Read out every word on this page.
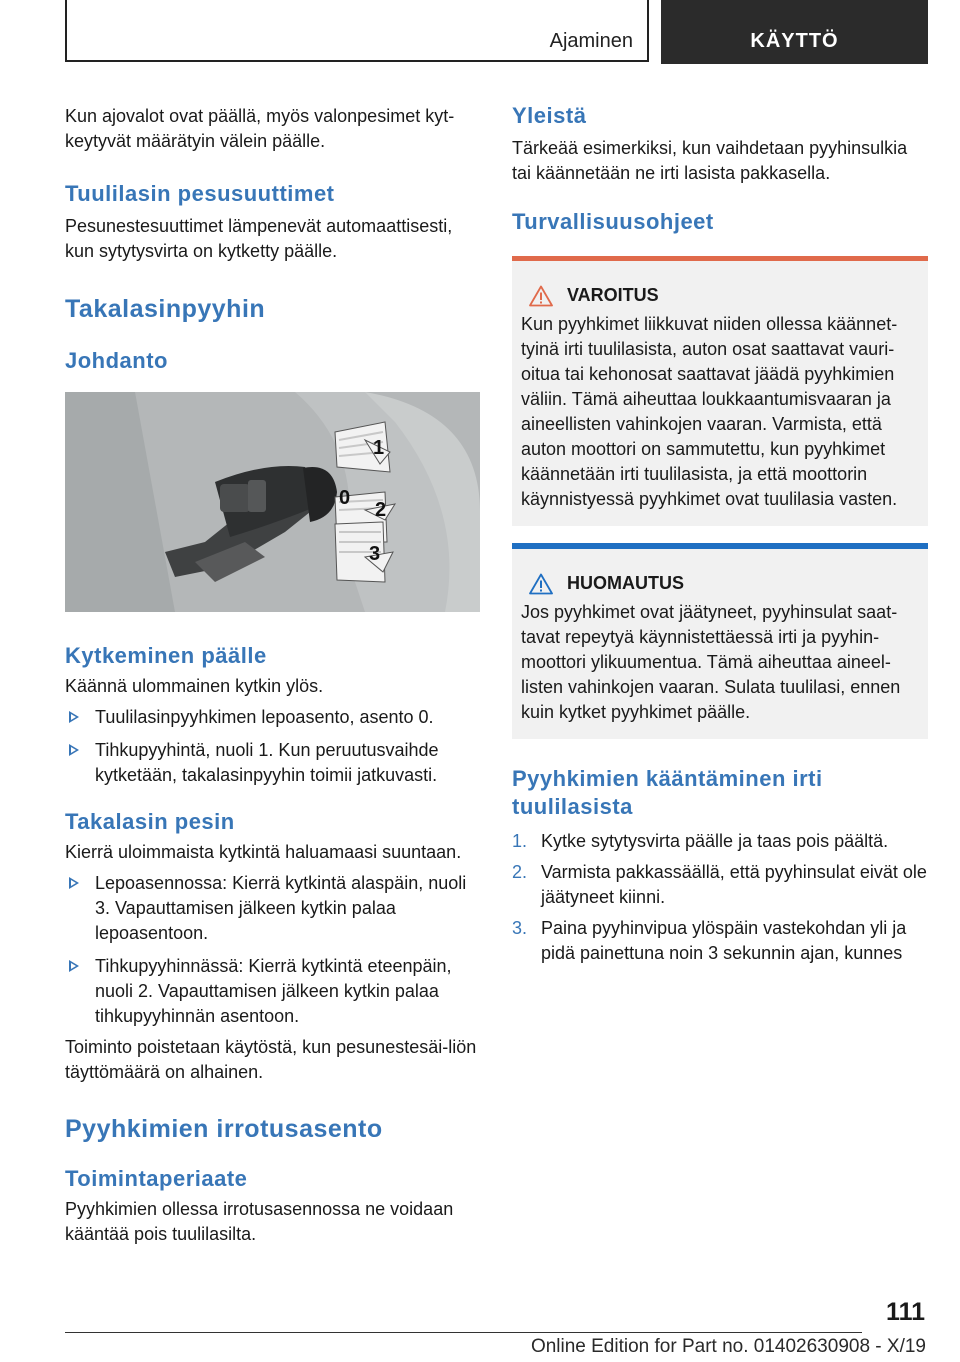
Ajaminen	KÄYTTÖ

Kun ajovalot ovat päällä, myös valonpesimet kyt-keytyvät määrätyin välein päälle.

Tuulilasin pesusuuttimet

Pesunestesuuttimet lämpenevät automaattisesti, kun sytytysvirta on kytketty päälle.

Takalasinpyyhin
Johdanto
1
0
2
3
Kytkeminen päälle

Käännä ulommainen kytkin ylös.

Tuulilasinpyyhkimen lepoasento, asento 0.
Tihkupyyhintä, nuoli 1. Kun peruutusvaihde kytketään, takalasinpyyhin toimii jatkuvasti.
Takalasin pesin

Kierrä uloimmaista kytkintä haluamaasi suuntaan.

Lepoasennossa: Kierrä kytkintä alaspäin, nuoli 3. Vapauttamisen jälkeen kytkin palaa lepoasentoon.
Tihkupyyhinnässä: Kierrä kytkintä eteenpäin, nuoli 2. Vapauttamisen jälkeen kytkin palaa tihkupyyhinnän asentoon.

Toiminto poistetaan käytöstä, kun pesunestesäi-liön täyttömäärä on alhainen.

Pyyhkimien irrotusasento
Toimintaperiaate

Pyyhkimien ollessa irrotusasennossa ne voidaan kääntää pois tuulilasilta.

Yleistä

Tärkeää esimerkiksi, kun vaihdetaan pyyhinsulkia tai käännetään ne irti lasista pakkasella.

Turvallisuusohjeet
VAROITUS

Kun pyyhkimet liikkuvat niiden ollessa käännet-tyinä irti tuulilasista, auton osat saattavat vauri-oitua tai kehonosat saattavat jäädä pyyhkimien väliin. Tämä aiheuttaa loukkaantumisvaaran ja aineellisten vahinkojen vaaran. Varmista, että auton moottori on sammutettu, kun pyyhkimet käännetään irti tuulilasista, ja että moottorin käynnistyessä pyyhkimet ovat tuulilasia vasten.

HUOMAUTUS

Jos pyyhkimet ovat jäätyneet, pyyhinsulat saat-tavat repeytyä käynnistettäessä irti ja pyyhin-moottori ylikuumentua. Tämä aiheuttaa aineel-listen vahinkojen vaaran. Sulata tuulilasi, ennen kuin kytket pyyhkimet päälle.

Pyyhkimien kääntäminen irti tuulilasista
1. Kytke sytytysvirta päälle ja taas pois päältä.
2. Varmista pakkassäällä, että pyyhinsulat eivät ole jäätyneet kiinni.
3. Paina pyyhinvipua ylöspäin vastekohdan yli ja pidä painettuna noin 3 sekunnin ajan, kunnes
111
Online Edition for Part no. 01402630908 - X/19
